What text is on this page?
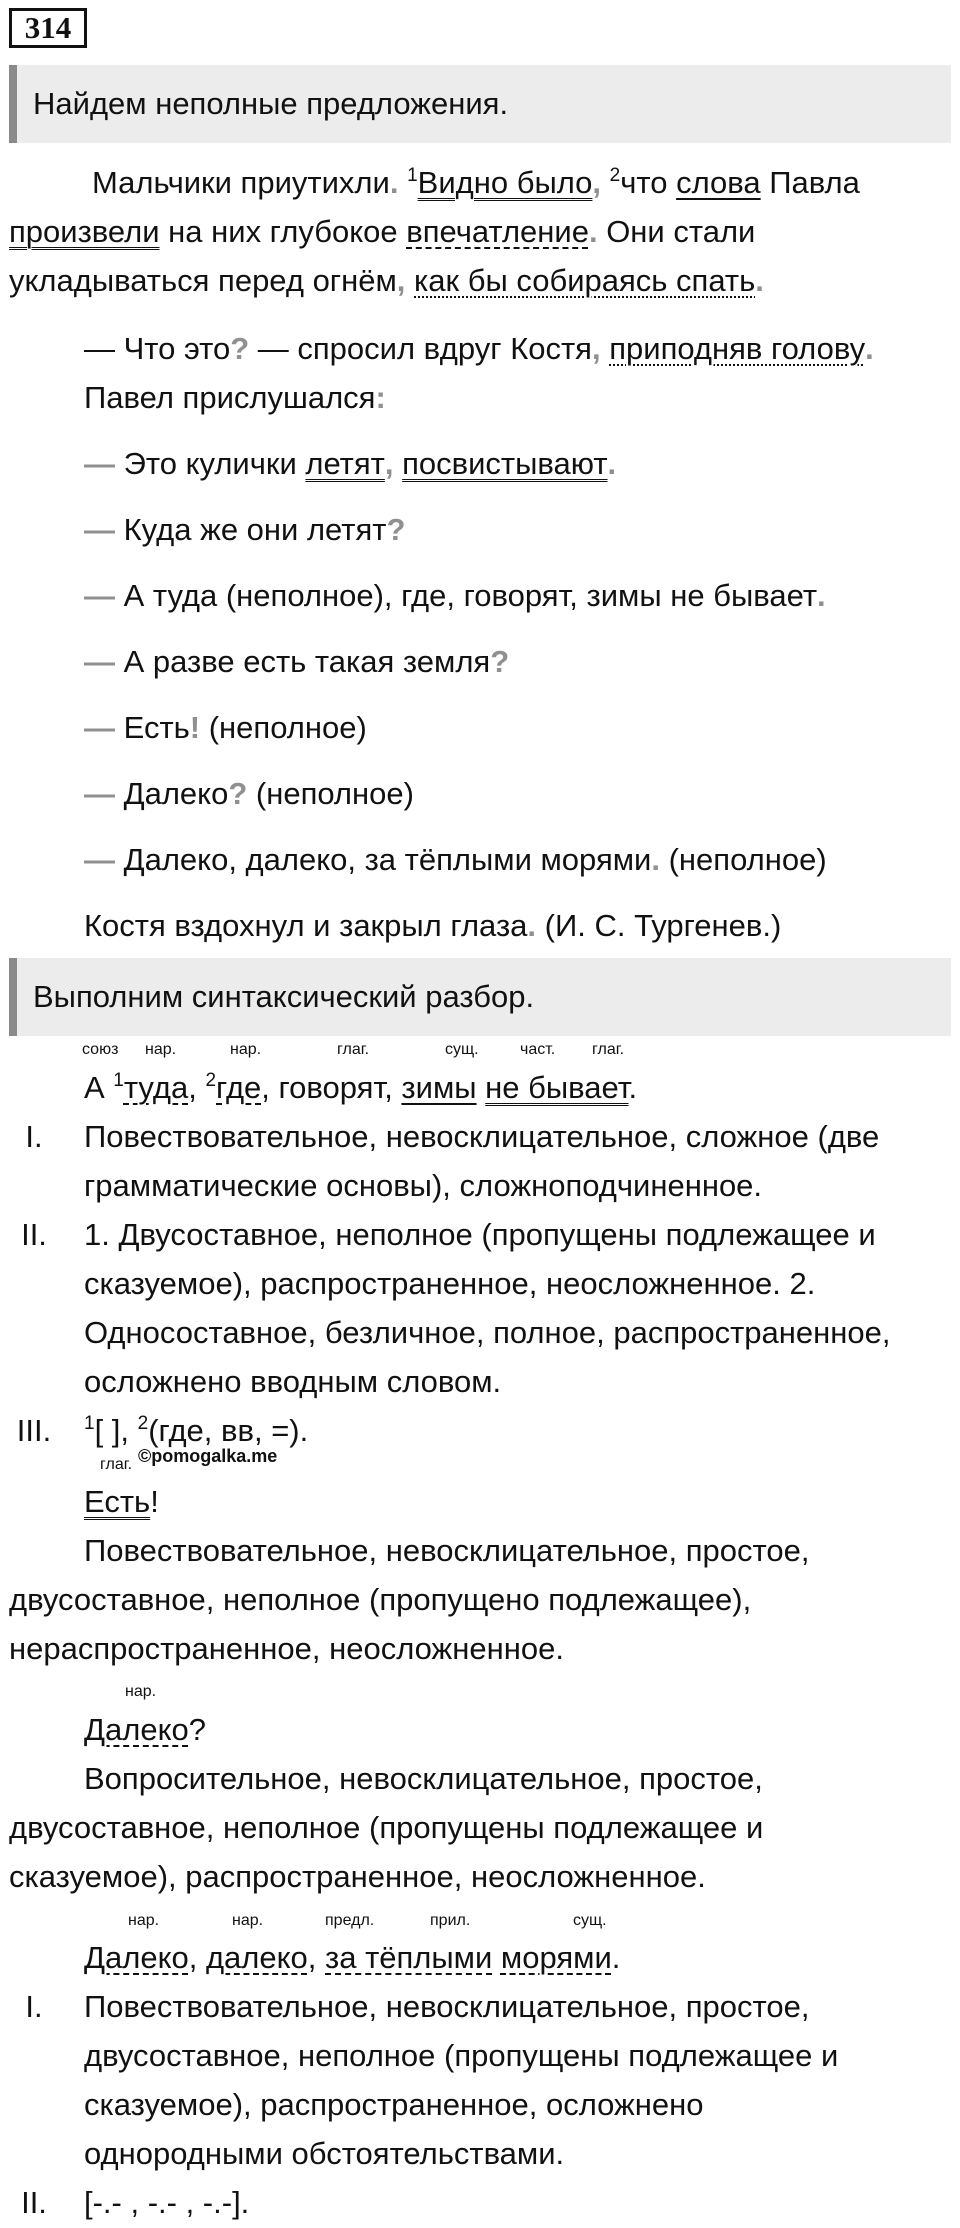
314
Найдем неполные предложения.
Мальчики приутихли. $^1$Видно было, $^2$что слова Павла
произвели на них глубокое впечатление. Они стали
укладываться перед огнём, как бы собираясь спать.
— Что это? — спросил вдруг Костя, приподняв голову.
Павел прислушался:
— Это кулички летят, посвистывают.
— Куда же они летят?
— А туда (неполное), где, говорят, зимы не бывает.
— А разве есть такая земля?
— Есть! (неполное)
— Далеко? (неполное)
— Далеко, далеко, за тёплыми морями. (неполное)
Костя вздохнул и закрыл глаза. (И. С. Тургенев.)
Выполним синтаксический разбор.
союз нар.	нар.	глаг.	сущ.	част. глаг.
А $^1$туда, $^2$где, говорят, зимы не бывает.
I.	Повествовательное, невосклицательное, сложное (две
грамматические основы), сложноподчиненное.
II.	1. Двусоставное, неполное (пропущены подлежащее и
сказуемое), распространенное, неосложненное. 2.
Односоставное, безличное, полное, распространенное,
осложнено вводным словом.
III.	$^1$[ ], $^2$(где, вв, =).
©pomogalka.me
глаг.
Есть!
Повествовательное, невосклицательное, простое,
двусоставное, неполное (пропущено подлежащее),
нераспространенное, неосложненное.
нар.
Далеко?
Вопросительное, невосклицательное, простое,
двусоставное, неполное (пропущены подлежащее и
сказуемое), распространенное, неосложненное.
нар.	нар.	предл.	прил.	сущ.
Далеко, далеко, за тёплыми морями.
I.	Повествовательное, невосклицательное, простое,
двусоставное, неполное (пропущены подлежащее и
сказуемое), распространенное, осложнено
однородными обстоятельствами.
II.	[-.- , -.- , -.-].
